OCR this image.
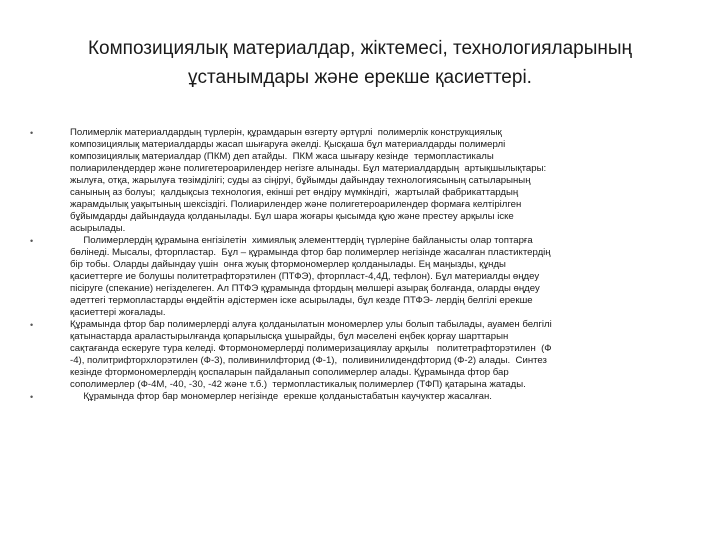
Композициялық материалдар, жіктемесі, технологияларының
ұстанымдары және ерекше қасиеттері.
•	Полимерлік материалдардың түрлерін, құрамдарын өзгерту әртүрлі  полимерлік конструкциялық
композициялық материалдарды жасап шығаруға әкелді. Қысқаша бұл материалдарды полимерлі
композициялық материалдар (ПКМ) деп атайды.  ПКМ жаса шығару кезінде  термопластикалы
полиарилендердер және полигетероарилендер негізге алынады. Бұл материалдардың  артықшылықтары:
жылуға, отқа, жарылуға төзімділігі; суды аз сіңіруі, бұйымды дайындау технологиясының сатыларының
санының аз болуы;  қалдықсыз технология, екінші рет өндіру мүмкіндігі,  жартылай фабрикаттардың
жарамдылық уақытының шексіздігі. Полиарилендер және полигетероарилендер формаға келтірілген
бұйымдарды дайындауда қолданылады. Бұл шара жоғары қысымда құю және престеу арқылы іске
асырылады.
•	Полимерлердің құрамына енгізілетін  химиялық элементтердің түрлеріне байланысты олар топтарға
бөлінеді. Мысалы, фторпластар.  Бұл – құрамында фтор бар полимерлер негізінде жасалған пластиктердің
бір тобы. Оларды дайындау үшін  онға жуық фтормономерлер қолданылады. Ең маңызды, құнды
қасиеттерге ие болушы политетрафторэтилен (ПТФЭ), фторпласт-4,4Д, тефлон). Бұл материалды өңдеу
пісіруге (спекание) негізделеген. Ал ПТФЭ құрамында фтордың мөлшері азырақ болғанда, оларды өңдеу
әдеттегі термопластарды өңдейтін әдістермен іске асырылады, бұл кезде ПТФЭ- лердің белгілі ерекше
қасиеттері жоғалады.
•	Құрамында фтор бар полимерлерді алуға қолданылатын мономерлер улы болып табылады, ауамен белгілі
қатынастарда араластырылғанда қопарылысқа ұшырайды, бұл мәселені еңбек қорғау шарттарын
сақтағанда ескеруге тура келеді. Фтормономерлерді полимеризациялау арқылы   политетрафторэтилен  (Ф
-4), политрифторхлорэтилен (Ф-3), поливинилфторид (Ф-1),  поливинилидендфторид (Ф-2) алады.  Синтез
кезінде фтормономерлердің қоспаларын пайдаланып сополимерлер алады. Құрамында фтор бар
сополимерлер (Ф-4М, -40, -30, -42 және т.б.)  термопластикалық полимерлер (ТФП) қатарына жатады.
•	Құрамында фтор бар мономерлер негізінде  ерекше қолданыстабатын каучуктер жасалған.
